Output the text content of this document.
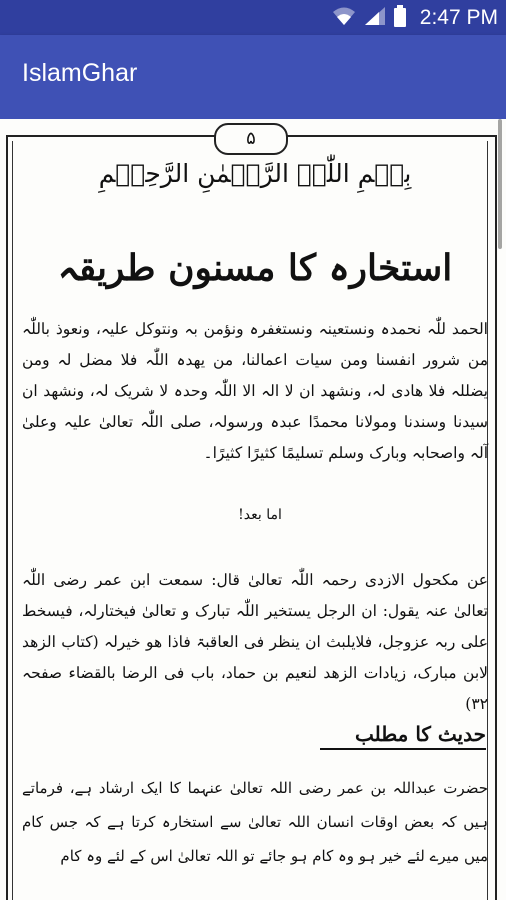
2:47 PM
IslamGhar
۵
بِسۡمِ اللّٰہِ الرَّحۡمٰنِ الرَّحِیۡمِ
استخارہ کا مسنون طریقہ
الحمد للّٰہ نحمدہ ونستعینہ ونستغفرہ ونؤمن بہ ونتوکل علیہ، ونعوذ باللّٰہ من شرور انفسنا ومن سیات اعمالنا، من یھدہ اللّٰہ فلا مضل لہ ومن یضللہ فلا ھادی لہ، ونشھد ان لا الہ الا اللّٰہ وحدہ لا شریک لہ، ونشھد ان سیدنا وسندنا ومولانا محمدًا عبدہ ورسولہ، صلی اللّٰہ تعالیٰ علیہ وعلیٰ آلہ واصحابہ وبارک وسلم تسلیمًا کثیرًا کثیرًا۔
اما بعد!
عن مکحول الازدی رحمہ اللّٰہ تعالیٰ قال: سمعت ابن عمر رضی اللّٰہ تعالیٰ عنہ یقول: ان الرجل یستخیر اللّٰہ تبارک و تعالیٰ فیختارلہ، فیسخط علی ربہ عزوجل، فلایلبث ان ینظر فی العاقبۃ فاذا ھو خیرلہ (کتاب الزھد لابن مبارک، زیادات الزھد لنعیم بن حماد، باب فی الرضا بالقضاء صفحہ ۳۲)
حدیث کا مطلب
حضرت عبداللہ بن عمر رضی اللہ تعالیٰ عنہما کا ایک ارشاد ہے، فرماتے ہیں کہ بعض اوقات انسان اللہ تعالیٰ سے استخارہ کرتا ہے کہ جس کام میں میرے لئے خیر ہو وہ کام ہو جائے تو اللہ تعالیٰ اس کے لئے وہ کام
